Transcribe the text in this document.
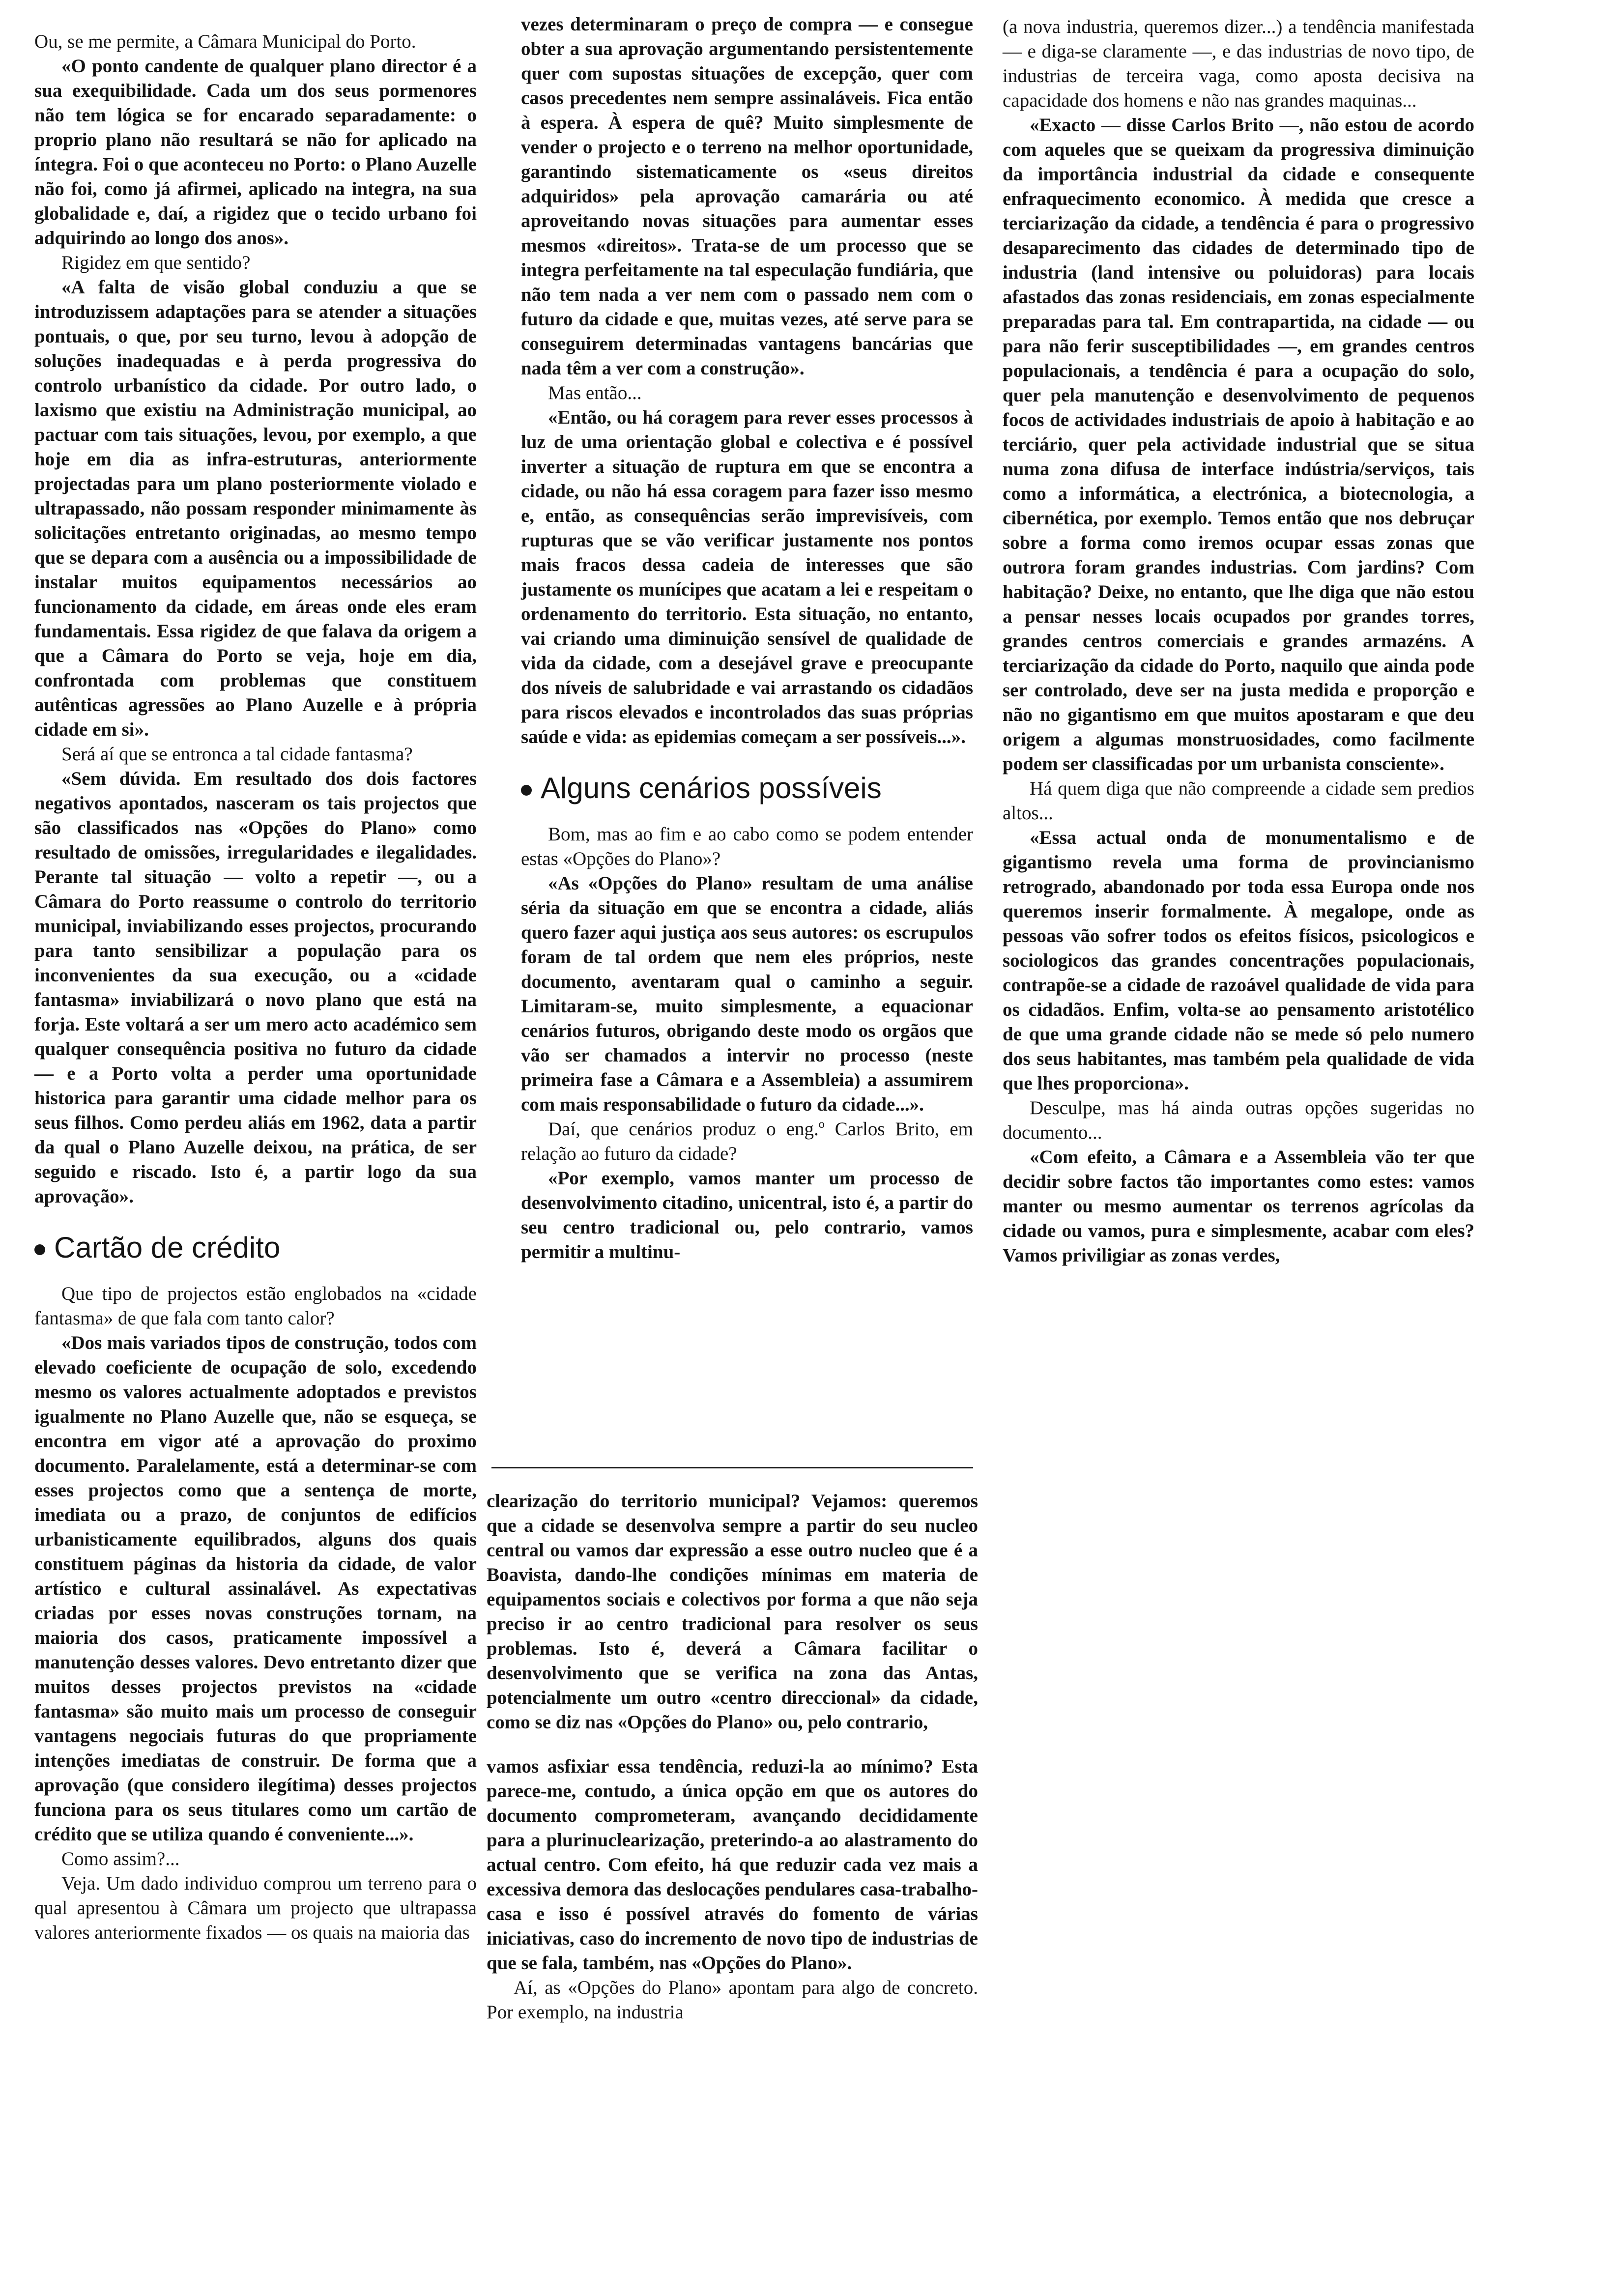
Ou, se me permite, a Câmara Municipal do Porto.

«O ponto candente de qualquer plano director é a sua exequibilidade. Cada um dos seus pormenores não tem lógica se for encarado separadamente: o proprio plano não resultará se não for aplicado na íntegra. Foi o que aconteceu no Porto: o Plano Auzelle não foi, como já afirmei, aplicado na integra, na sua globalidade e, daí, a rigidez que o tecido urbano foi adquirindo ao longo dos anos».

Rigidez em que sentido?

«A falta de visão global conduziu a que se introduzissem adaptações para se atender a situações pontuais, o que, por seu turno, levou à adopção de soluções inadequadas e à perda progressiva do controlo urbanístico da cidade. Por outro lado, o laxismo que existiu na Administração municipal, ao pactuar com tais situações, levou, por exemplo, a que hoje em dia as infra-estruturas, anteriormente projectadas para um plano posteriormente violado e ultrapassado, não possam responder minimamente às solicitações entretanto originadas, ao mesmo tempo que se depara com a ausência ou a impossibilidade de instalar muitos equipamentos necessários ao funcionamento da cidade, em áreas onde eles eram fundamentais. Essa rigidez de que falava da origem a que a Câmara do Porto se veja, hoje em dia, confrontada com problemas que constituem autênticas agressões ao Plano Auzelle e à própria cidade em si».

Será aí que se entronca a tal cidade fantasma?

«Sem dúvida. Em resultado dos dois factores negativos apontados, nasceram os tais projectos que são classificados nas «Opções do Plano» como resultado de omissões, irregularidades e ilegalidades. Perante tal situação — volto a repetir —, ou a Câmara do Porto reassume o controlo do territorio municipal, inviabilizando esses projectos, procurando para tanto sensibilizar a população para os inconvenientes da sua execução, ou a «cidade fantasma» inviabilizará o novo plano que está na forja. Este voltará a ser um mero acto académico sem qualquer consequência positiva no futuro da cidade — e a Porto volta a perder uma oportunidade historica para garantir uma cidade melhor para os seus filhos. Como perdeu aliás em 1962, data a partir da qual o Plano Auzelle deixou, na prática, de ser seguido e riscado. Isto é, a partir logo da sua aprovação».

Cartão de crédito

Que tipo de projectos estão englobados na «cidade fantasma» de que fala com tanto calor?

«Dos mais variados tipos de construção, todos com elevado coeficiente de ocupação de solo, excedendo mesmo os valores actualmente adoptados e previstos igualmente no Plano Auzelle que, não se esqueça, se encontra em vigor até a aprovação do proximo documento. Paralelamente, está a determinar-se com esses projectos como que a sentença de morte, imediata ou a prazo, de conjuntos de edifícios urbanisticamente equilibrados, alguns dos quais constituem páginas da historia da cidade, de valor artístico e cultural assinalável. As expectativas criadas por esses novas construções tornam, na maioria dos casos, praticamente impossível a manutenção desses valores. Devo entretanto dizer que muitos desses projectos previstos na «cidade fantasma» são muito mais um processo de conseguir vantagens negociais futuras do que propriamente intenções imediatas de construir. De forma que a aprovação (que considero ilegítima) desses projectos funciona para os seus titulares como um cartão de crédito que se utiliza quando é conveniente...».

Como assim?...

Veja. Um dado individuo comprou um terreno para o qual apresentou à Câmara um projecto que ultrapassa valores anteriormente fixados — os quais na maioria das

vezes determinaram o preço de compra — e consegue obter a sua aprovação argumentando persistentemente quer com supostas situações de excepção, quer com casos precedentes nem sempre assinaláveis. Fica então à espera. À espera de quê? Muito simplesmente de vender o projecto e o terreno na melhor oportunidade, garantindo sistematicamente os «seus direitos adquiridos» pela aprovação camarária ou até aproveitando novas situações para aumentar esses mesmos «direitos». Trata-se de um processo que se integra perfeitamente na tal especulação fundiária, que não tem nada a ver nem com o passado nem com o futuro da cidade e que, muitas vezes, até serve para se conseguirem determinadas vantagens bancárias que nada têm a ver com a construção».

Mas então...

«Então, ou há coragem para rever esses processos à luz de uma orientação global e colectiva e é possível inverter a situação de ruptura em que se encontra a cidade, ou não há essa coragem para fazer isso mesmo e, então, as consequências serão imprevisíveis, com rupturas que se vão verificar justamente nos pontos mais fracos dessa cadeia de interesses que são justamente os munícipes que acatam a lei e respeitam o ordenamento do territorio. Esta situação, no entanto, vai criando uma diminuição sensível de qualidade de vida da cidade, com a desejável grave e preocupante dos níveis de salubridade e vai arrastando os cidadãos para riscos elevados e incontrolados das suas próprias saúde e vida: as epidemias começam a ser possíveis...».

Alguns cenários possíveis

Bom, mas ao fim e ao cabo como se podem entender estas «Opções do Plano»?

«As «Opções do Plano» resultam de uma análise séria da situação em que se encontra a cidade, aliás quero fazer aqui justiça aos seus autores: os escrupulos foram de tal ordem que nem eles próprios, neste documento, aventaram qual o caminho a seguir. Limitaram-se, muito simplesmente, a equacionar cenários futuros, obrigando deste modo os orgãos que vão ser chamados a intervir no processo (neste primeira fase a Câmara e a Assembleia) a assumirem com mais responsabilidade o futuro da cidade...».

Daí, que cenários produz o eng.º Carlos Brito, em relação ao futuro da cidade?

«Por exemplo, vamos manter um processo de desenvolvimento citadino, unicentral, isto é, a partir do seu centro tradicional ou, pelo contrario, vamos permitir a multinu-

clearização do territorio municipal? Vejamos: queremos que a cidade se desenvolva sempre a partir do seu nucleo central ou vamos dar expressão a esse outro nucleo que é a Boavista, dando-lhe condições mínimas em materia de equipamentos sociais e colectivos por forma a que não seja preciso ir ao centro tradicional para resolver os seus problemas. Isto é, deverá a Câmara facilitar o desenvolvimento que se verifica na zona das Antas, potencialmente um outro «centro direccional» da cidade, como se diz nas «Opções do Plano» ou, pelo contrario,

vamos asfixiar essa tendência, reduzi-la ao mínimo? Esta parece-me, contudo, a única opção em que os autores do documento comprometeram, avançando decididamente para a plurinuclearização, preterindo-a ao alastramento do actual centro. Com efeito, há que reduzir cada vez mais a excessiva demora das deslocações pendulares casa-trabalho-casa e isso é possível através do fomento de várias iniciativas, caso do incremento de novo tipo de industrias de que se fala, também, nas «Opções do Plano».

Aí, as «Opções do Plano» apontam para algo de concreto. Por exemplo, na industria

(a nova industria, queremos dizer...) a tendência manifestada — e diga-se claramente —, e das industrias de novo tipo, de industrias de terceira vaga, como aposta decisiva na capacidade dos homens e não nas grandes maquinas...

«Exacto — disse Carlos Brito —, não estou de acordo com aqueles que se queixam da progressiva diminuição da importância industrial da cidade e consequente enfraquecimento economico. À medida que cresce a terciarização da cidade, a tendência é para o progressivo desaparecimento das cidades de determinado tipo de industria (land intensive ou poluidoras) para locais afastados das zonas residenciais, em zonas especialmente preparadas para tal. Em contrapartida, na cidade — ou para não ferir susceptibilidades —, em grandes centros populacionais, a tendência é para a ocupação do solo, quer pela manutenção e desenvolvimento de pequenos focos de actividades industriais de apoio à habitação e ao terciário, quer pela actividade industrial que se situa numa zona difusa de interface indústria/serviços, tais como a informática, a electrónica, a biotecnologia, a cibernética, por exemplo. Temos então que nos debruçar sobre a forma como iremos ocupar essas zonas que outrora foram grandes industrias. Com jardins? Com habitação? Deixe, no entanto, que lhe diga que não estou a pensar nesses locais ocupados por grandes torres, grandes centros comerciais e grandes armazéns. A terciarização da cidade do Porto, naquilo que ainda pode ser controlado, deve ser na justa medida e proporção e não no gigantismo em que muitos apostaram e que deu origem a algumas monstruosidades, como facilmente podem ser classificadas por um urbanista consciente».

Há quem diga que não compreende a cidade sem predios altos...

«Essa actual onda de monumentalismo e de gigantismo revela uma forma de provincianismo retrogrado, abandonado por toda essa Europa onde nos queremos inserir formalmente. À megalope, onde as pessoas vão sofrer todos os efeitos físicos, psicologicos e sociologicos das grandes concentrações populacionais, contrapõe-se a cidade de razoável qualidade de vida para os cidadãos. Enfim, volta-se ao pensamento aristotélico de que uma grande cidade não se mede só pelo numero dos seus habitantes, mas também pela qualidade de vida que lhes proporciona».

Desculpe, mas há ainda outras opções sugeridas no documento...

«Com efeito, a Câmara e a Assembleia vão ter que decidir sobre factos tão importantes como estes: vamos manter ou mesmo aumentar os terrenos agrícolas da cidade ou vamos, pura e simplesmente, acabar com eles? Vamos priviligiar as zonas verdes,
